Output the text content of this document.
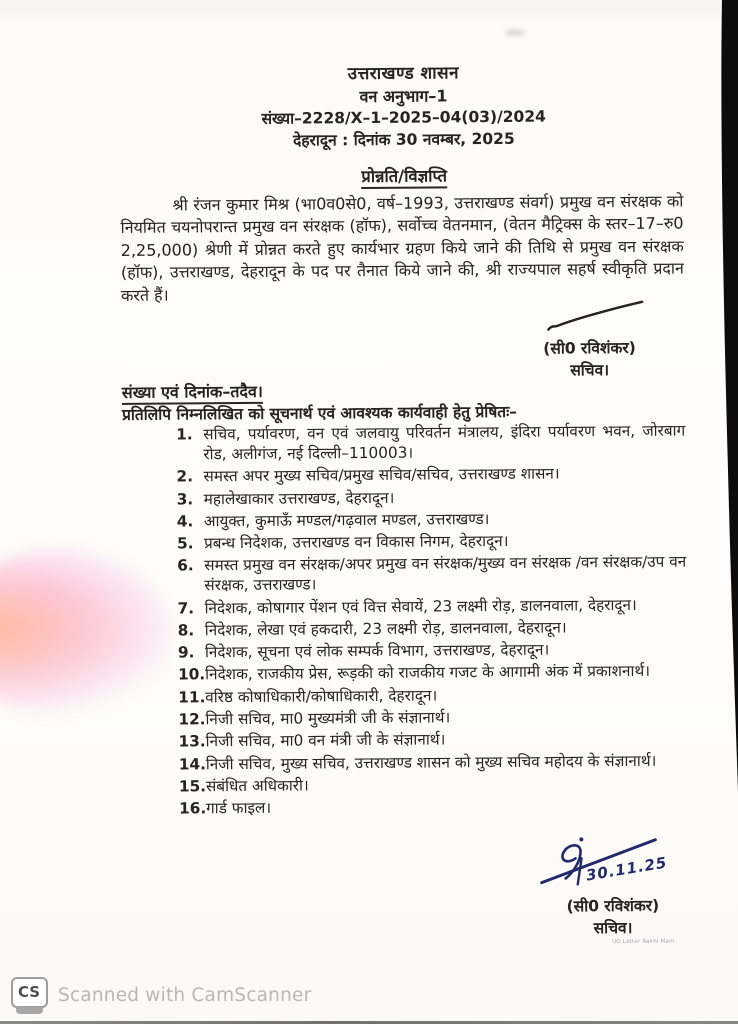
उत्तराखण्ड शासन
वन अनुभाग–1
संख्या–2228/X–1–2025–04(03)/2024
देहरादून : दिनांक 30 नवम्बर, 2025
प्रोन्नति/विज्ञप्ति
श्री रंजन कुमार मिश्र (भा0व0से0, वर्ष–1993, उत्तराखण्ड संवर्ग) प्रमुख वन संरक्षक को नियमित चयनोपरान्त प्रमुख वन संरक्षक (हॉफ), सर्वोच्च वेतनमान, (वेतन मैट्रिक्स के स्तर–17–रु0 2,25,000) श्रेणी में प्रोन्नत करते हुए कार्यभार ग्रहण किये जाने की तिथि से प्रमुख वन संरक्षक (हॉफ), उत्तराखण्ड, देहरादून के पद पर तैनात किये जाने की, श्री राज्यपाल सहर्ष स्वीकृति प्रदान करते हैं।
(सी0 रविशंकर)
सचिव।
संख्या एवं दिनांक–तदैव।
प्रतिलिपि निम्नलिखित को सूचनार्थ एवं आवश्यक कार्यवाही हेतु प्रेषितः–
1. सचिव, पर्यावरण, वन एवं जलवायु परिवर्तन मंत्रालय, इंदिरा पर्यावरण भवन, जोरबाग रोड, अलीगंज, नई दिल्ली–110003।
2. समस्त अपर मुख्य सचिव/प्रमुख सचिव/सचिव, उत्तराखण्ड शासन।
3. महालेखाकार उत्तराखण्ड, देहरादून।
4. आयुक्त, कुमाऊँ मण्डल/गढ़वाल मण्डल, उत्तराखण्ड।
5. प्रबन्ध निदेशक, उत्तराखण्ड वन विकास निगम, देहरादून।
6. समस्त प्रमुख वन संरक्षक/अपर प्रमुख वन संरक्षक/मुख्य वन संरक्षक /वन संरक्षक/उप वन संरक्षक, उत्तराखण्ड।
7. निदेशक, कोषागार पेंशन एवं वित्त सेवायें, 23 लक्ष्मी रोड़, डालनवाला, देहरादून।
8. निदेशक, लेखा एवं हकदारी, 23 लक्ष्मी रोड़, डालनवाला, देहरादून।
9. निदेशक, सूचना एवं लोक सम्पर्क विभाग, उत्तराखण्ड, देहरादून।
10. निदेशक, राजकीय प्रेस, रूड़की को राजकीय गजट के आगामी अंक में प्रकाशनार्थ।
11. वरिष्ठ कोषाधिकारी/कोषाधिकारी, देहरादून।
12. निजी सचिव, मा0 मुख्यमंत्री जी के संज्ञानार्थ।
13. निजी सचिव, मा0 वन मंत्री जी के संज्ञानार्थ।
14. निजी सचिव, मुख्य सचिव, उत्तराखण्ड शासन को मुख्य सचिव महोदय के संज्ञानार्थ।
15. संबंधित अधिकारी।
16. गार्ड फाइल।
30.11.25
(सी0 रविशंकर)
सचिव।
UO Letter Rakhi Mam
CS Scanned with CamScanner
